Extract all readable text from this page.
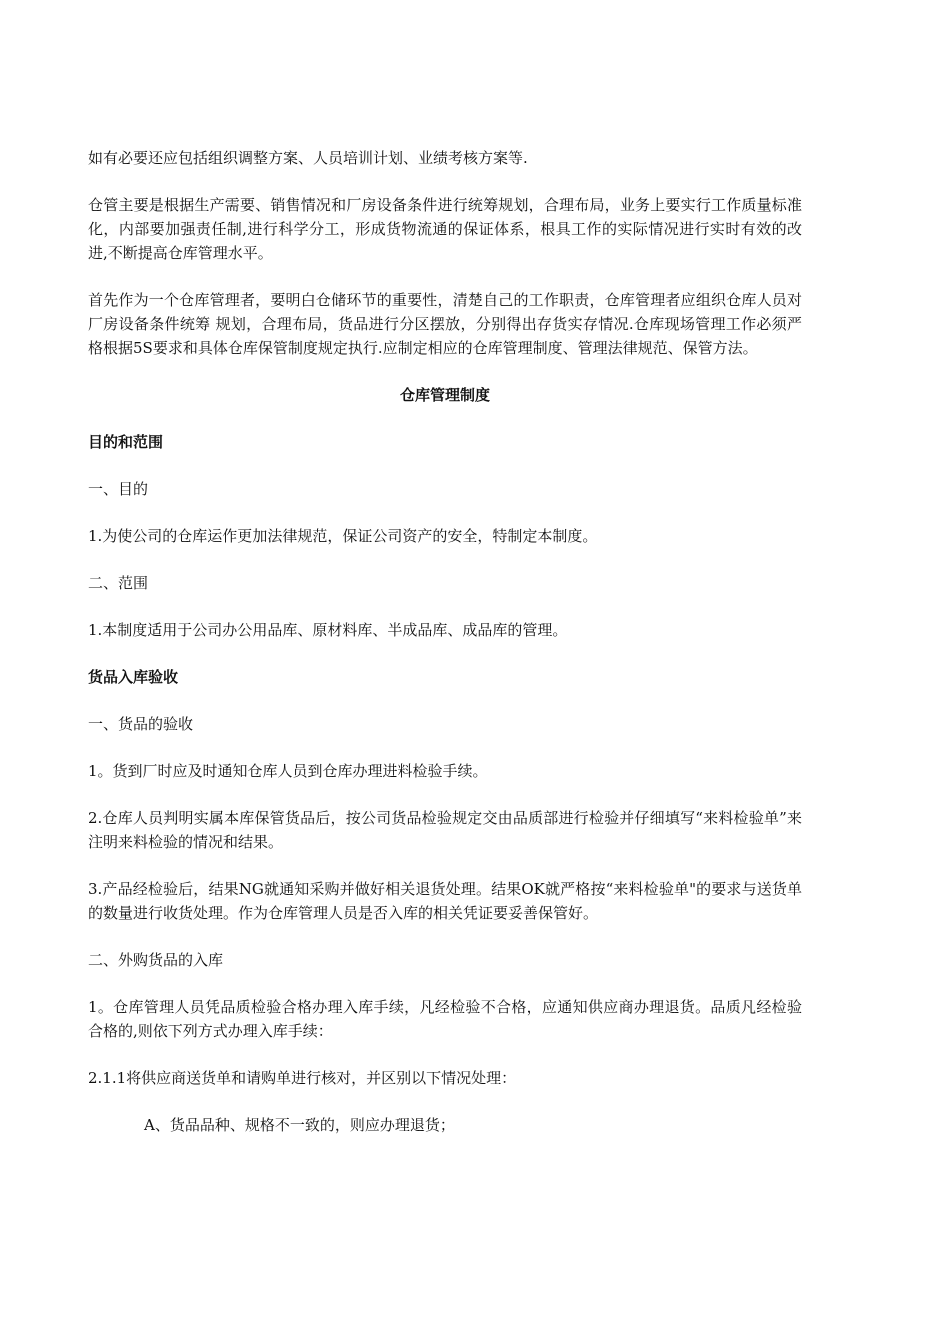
如有必要还应包括组织调整方案、人员培训计划、业绩考核方案等.

仓管主要是根据生产需要、销售情况和厂房设备条件进行统筹规划，合理布局，业务上要实行工作质量标准化，内部要加强责任制,进行科学分工，形成货物流通的保证体系，根具工作的实际情况进行实时有效的改进,不断提高仓库管理水平。

首先作为一个仓库管理者，要明白仓储环节的重要性，清楚自己的工作职责，仓库管理者应组织仓库人员对厂房设备条件统筹 规划，合理布局，货品进行分区摆放，分别得出存货实存情况.仓库现场管理工作必须严格根据5S要求和具体仓库保管制度规定执行.应制定相应的仓库管理制度、管理法律规范、保管方法。

仓库管理制度

目的和范围

一、目的

1.为使公司的仓库运作更加法律规范，保证公司资产的安全，特制定本制度。

二、范围

1.本制度适用于公司办公用品库、原材料库、半成品库、成品库的管理。

货品入库验收

一、货品的验收

1。货到厂时应及时通知仓库人员到仓库办理进料检验手续。

2.仓库人员判明实属本库保管货品后，按公司货品检验规定交由品质部进行检验并仔细填写“来料检验单”来注明来料检验的情况和结果。

3.产品经检验后，结果NG就通知采购并做好相关退货处理。结果OK就严格按“来料检验单"的要求与送货单的数量进行收货处理。作为仓库管理人员是否入库的相关凭证要妥善保管好。

二、外购货品的入库

1。仓库管理人员凭品质检验合格办理入库手续，凡经检验不合格，应通知供应商办理退货。品质凡经检验合格的,则依下列方式办理入库手续：

2.1.1将供应商送货单和请购单进行核对，并区别以下情况处理：

A、货品品种、规格不一致的，则应办理退货；
